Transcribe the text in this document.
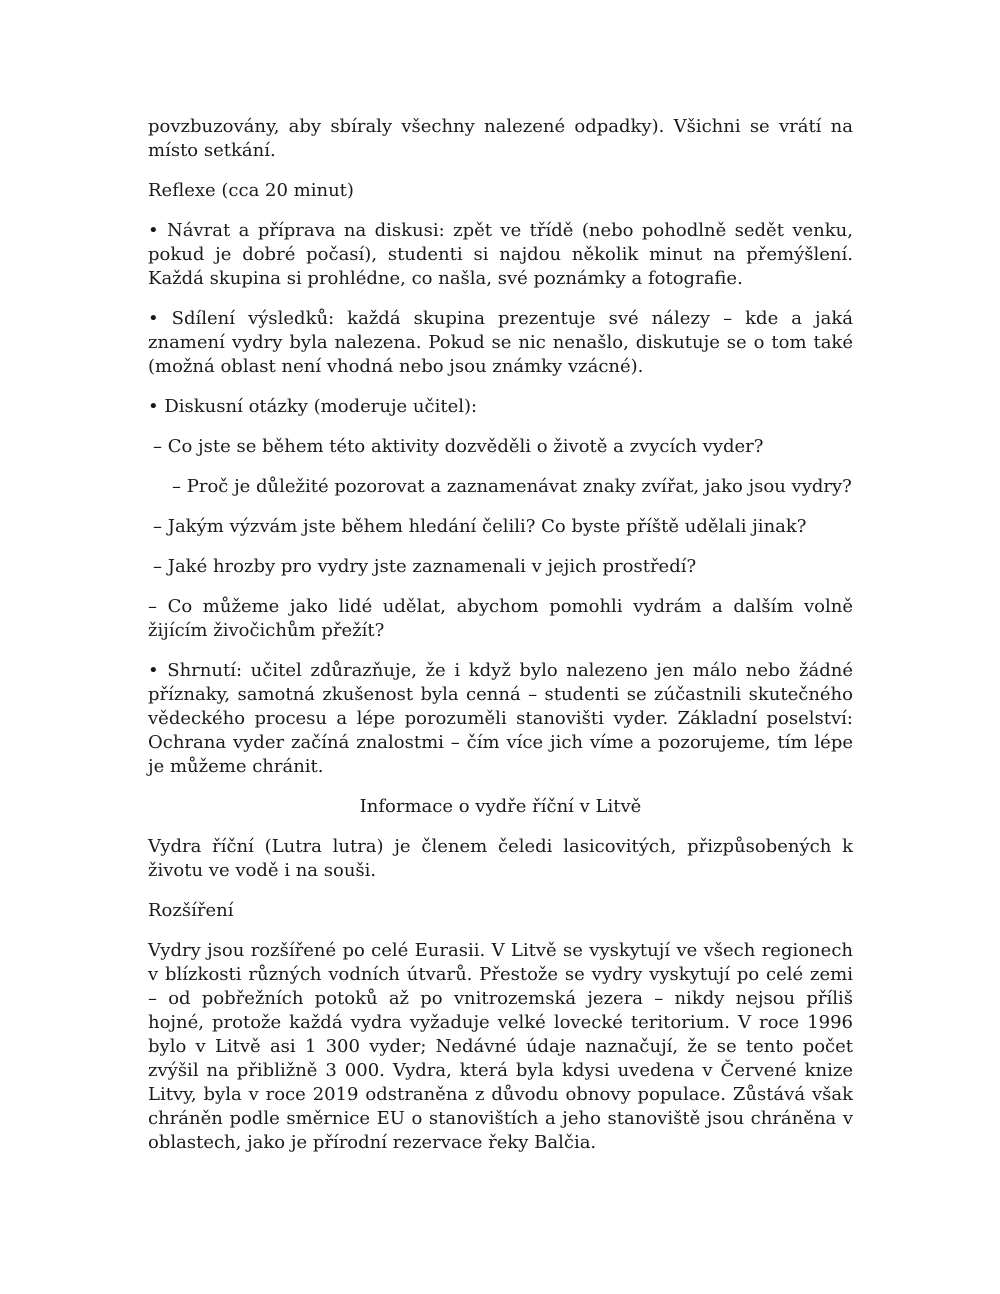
povzbuzovány, aby sbíraly všechny nalezené odpadky). Všichni se vrátí na místo setkání.

Reflexe (cca 20 minut)

• Návrat a příprava na diskusi: zpět ve třídě (nebo pohodlně sedět venku, pokud je dobré počasí), studenti si najdou několik minut na přemýšlení. Každá skupina si prohlédne, co našla, své poznámky a fotografie.

• Sdílení výsledků: každá skupina prezentuje své nálezy – kde a jaká znamení vydry byla nalezena. Pokud se nic nenašlo, diskutuje se o tom také (možná oblast není vhodná nebo jsou známky vzácné).

• Diskusní otázky (moderuje učitel):

– Co jste se během této aktivity dozvěděli o životě a zvycích vyder?

– Proč je důležité pozorovat a zaznamenávat znaky zvířat, jako jsou vydry?

– Jakým výzvám jste během hledání čelili? Co byste příště udělali jinak?

– Jaké hrozby pro vydry jste zaznamenali v jejich prostředí?

– Co můžeme jako lidé udělat, abychom pomohli vydrám a dalším volně žijícím živočichům přežít?

• Shrnutí: učitel zdůrazňuje, že i když bylo nalezeno jen málo nebo žádné příznaky, samotná zkušenost byla cenná – studenti se zúčastnili skutečného vědeckého procesu a lépe porozuměli stanovišti vyder. Základní poselství: Ochrana vyder začíná znalostmi – čím více jich víme a pozorujeme, tím lépe je můžeme chránit.

Informace o vydře říční v Litvě

Vydra říční (Lutra lutra) je členem čeledi lasicovitých, přizpůsobených k životu ve vodě i na souši.

Rozšíření

Vydry jsou rozšířené po celé Eurasii. V Litvě se vyskytují ve všech regionech v blízkosti různých vodních útvarů. Přestože se vydry vyskytují po celé zemi – od pobřežních potoků až po vnitrozemská jezera – nikdy nejsou příliš hojné, protože každá vydra vyžaduje velké lovecké teritorium. V roce 1996 bylo v Litvě asi 1 300 vyder; Nedávné údaje naznačují, že se tento počet zvýšil na přibližně 3 000. Vydra, která byla kdysi uvedena v Červené knize Litvy, byla v roce 2019 odstraněna z důvodu obnovy populace. Zůstává však chráněn podle směrnice EU o stanovištích a jeho stanoviště jsou chráněna v oblastech, jako je přírodní rezervace řeky Balčia.
